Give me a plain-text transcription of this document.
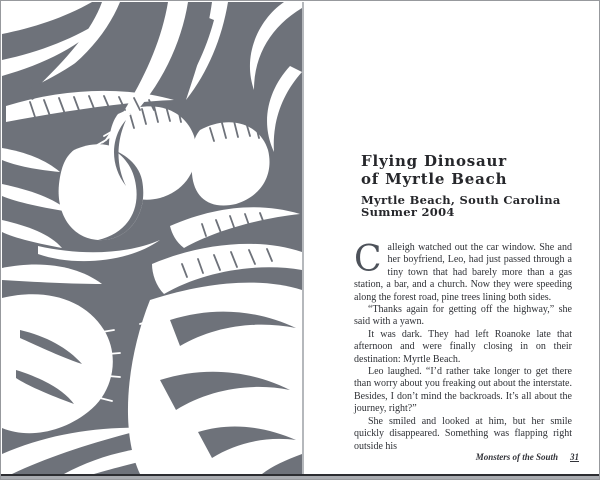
Flying Dinosaur
of Myrtle Beach
Myrtle Beach, South Carolina
Summer 2004

Calleigh watched out the car window. She and her boyfriend, Leo, had just passed through a tiny town that had barely more than a gas station, a bar, and a church. Now they were speeding along the forest road, pine trees lining both sides.

“Thanks again for getting off the highway,” she said with a yawn.

It was dark. They had left Roanoke late that afternoon and were finally closing in on their destination: Myrtle Beach.

Leo laughed. “I’d rather take longer to get there than worry about you freaking out about the interstate. Besides, I don’t mind the backroads. It’s all about the journey, right?”

She smiled and looked at him, but her smile quickly disappeared. Something was flapping right outside his

Monsters of the South 31
